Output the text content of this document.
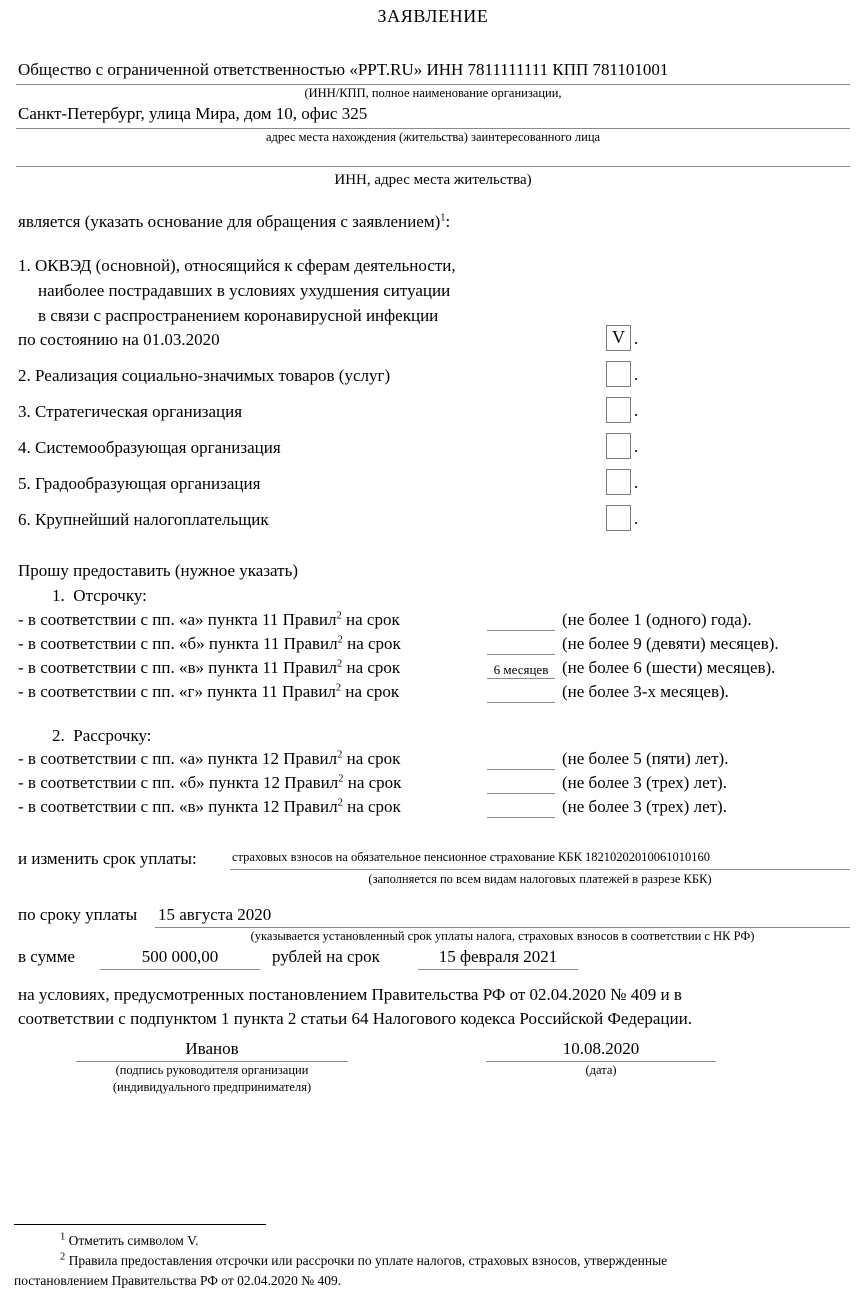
ЗАЯВЛЕНИЕ
Общество с ограниченной ответственностью «PPT.RU» ИНН 7811111111 КПП 781101001
(ИНН/КПП, полное наименование организации,
Санкт-Петербург, улица Мира, дом 10, офис 325
адрес места нахождения (жительства) заинтересованного лица
ИНН, адрес места жительства)
является (указать основание для обращения с заявлением)$^1$:
1. ОКВЭД (основной), относящийся к сферам деятельности,
наиболее пострадавших в условиях ухудшения ситуации
в связи с распространением коронавирусной инфекции
по состоянию на 01.03.2020	V .
2. Реализация социально-значимых товаров (услуг)	.
3. Стратегическая организация	.
4. Системообразующая организация	.
5. Градообразующая организация	.
6. Крупнейший налогоплательщик	.
Прошу предоставить (нужное указать)
1. Отсрочку:
- в соответствии с пп. «а» пункта 11 Правил$^2$ на срок	(не более 1 (одного) года).
- в соответствии с пп. «б» пункта 11 Правил$^2$ на срок	(не более 9 (девяти) месяцев).
- в соответствии с пп. «в» пункта 11 Правил$^2$ на срок	6 месяцев (не более 6 (шести) месяцев).
- в соответствии с пп. «г» пункта 11 Правил$^2$ на срок	(не более 3-х месяцев).
2. Рассрочку:
- в соответствии с пп. «а» пункта 12 Правил$^2$ на срок	(не более 5 (пяти) лет).
- в соответствии с пп. «б» пункта 12 Правил$^2$ на срок	(не более 3 (трех) лет).
- в соответствии с пп. «в» пункта 12 Правил$^2$ на срок	(не более 3 (трех) лет).
и изменить срок уплаты:	страховых взносов на обязательное пенсионное страхование КБК 18210202010061010160
(заполняется по всем видам налоговых платежей в разрезе КБК)
по сроку уплаты 15 августа 2020
(указывается установленный срок уплаты налога, страховых взносов в соответствии с НК РФ)
в сумме	500 000,00	рублей на срок	15 февраля 2021
на условиях, предусмотренных постановлением Правительства РФ от 02.04.2020 № 409 и в
соответствии с подпунктом 1 пункта 2 статьи 64 Налогового кодекса Российской Федерации.
Иванов
(подпись руководителя организации
(индивидуального предпринимателя)
10.08.2020
(дата)
$^1$ Отметить символом V.
$^2$ Правила предоставления отсрочки или рассрочки по уплате налогов, страховых взносов, утвержденные
постановлением Правительства РФ от 02.04.2020 № 409.
